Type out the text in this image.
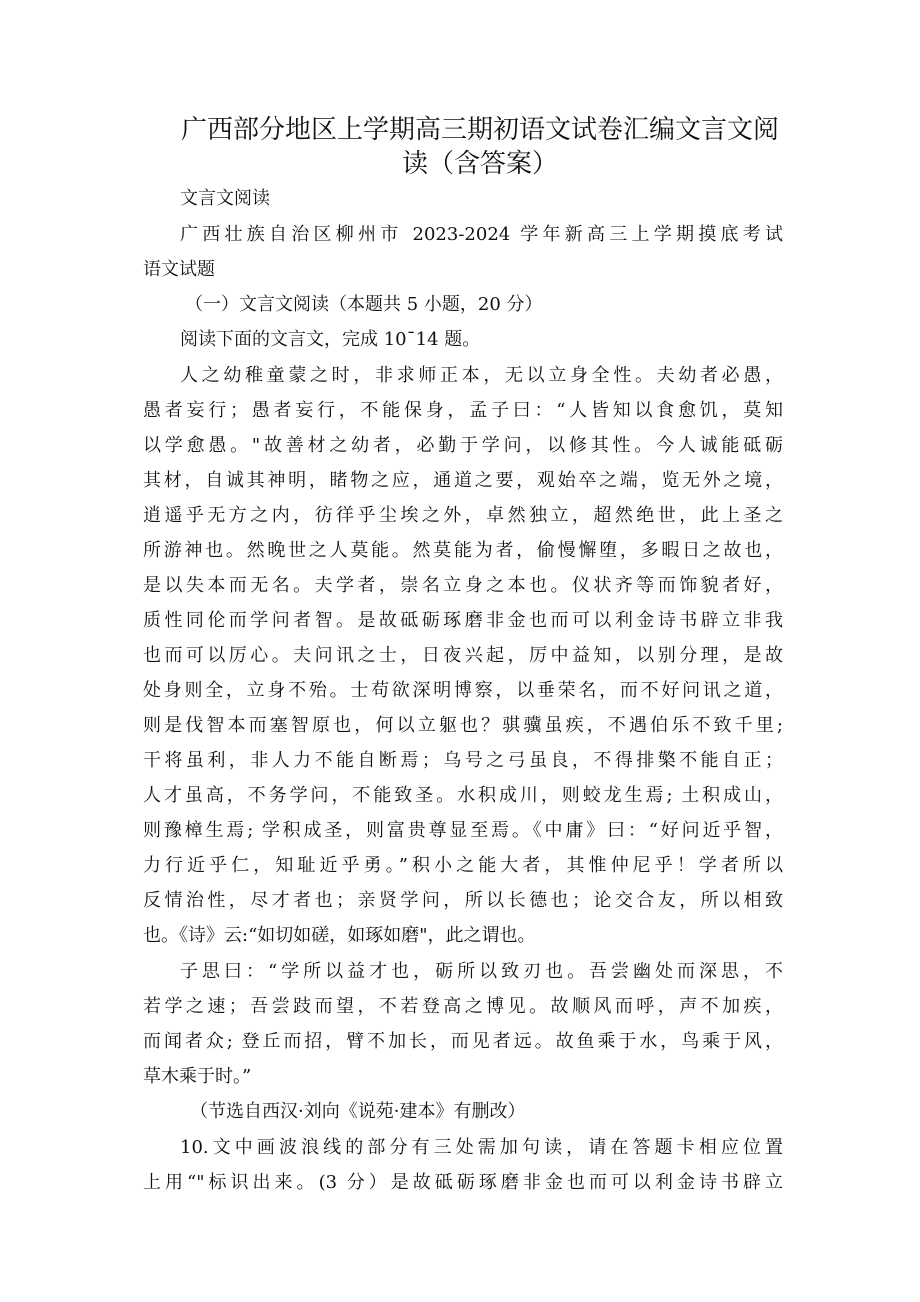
广西部分地区上学期高三期初语文试卷汇编文言文阅
读（含答案）
文言文阅读
广西壮族自治区柳州市 2023-2024 学年新高三上学期摸底考试
语文试题
（一）文言文阅读（本题共 5 小题，20 分）
阅读下面的文言文，完成 10¯14 题。
人之幼稚童蒙之时，非求师正本，无以立身全性。夫幼者必愚，
愚者妄行；愚者妄行，不能保身，孟子曰：“人皆知以食愈饥，莫知
以学愈愚。"故善材之幼者，必勤于学问，以修其性。今人诚能砥砺
其材，自诚其神明，睹物之应，通道之要，观始卒之端，览无外之境，
逍遥乎无方之内，彷徉乎尘埃之外，卓然独立，超然绝世，此上圣之
所游神也。然晚世之人莫能。然莫能为者，偷慢懈堕，多暇日之故也，
是以失本而无名。夫学者，崇名立身之本也。仪状齐等而饰貌者好，
质性同伦而学问者智。是故砥砺琢磨非金也而可以利金诗书辟立非我
也而可以厉心。夫问讯之士，日夜兴起，厉中益知，以别分理，是故
处身则全，立身不殆。士苟欲深明博察，以垂荣名，而不好问讯之道，
则是伐智本而塞智原也，何以立躯也？骐骥虽疾，不遇伯乐不致千里;
干将虽利，非人力不能自断焉；乌号之弓虽良，不得排檠不能自正；
人才虽高，不务学问，不能致圣。水积成川，则蛟龙生焉; 土积成山，
则豫樟生焉; 学积成圣，则富贵尊显至焉。《中庸》曰：“好问近乎智，
力行近乎仁，知耻近乎勇。”积小之能大者，其惟仲尼乎！学者所以
反情治性，尽才者也；亲贤学问，所以长德也；论交合友，所以相致
也。《诗》云:“如切如磋，如琢如磨"，此之谓也。
子思曰：“学所以益才也，砺所以致刃也。吾尝幽处而深思，不
若学之速；吾尝跂而望，不若登高之博见。故顺风而呼，声不加疾，
而闻者众; 登丘而招，臂不加长，而见者远。故鱼乘于水，鸟乘于风，
草木乘于时。”
（节选自西汉·刘向《说苑·建本》有删改）
10.文中画波浪线的部分有三处需加句读，请在答题卡相应位置
上用“"标识出来。(3 分）是故砥砺琢磨非金也而可以利金诗书辟立
